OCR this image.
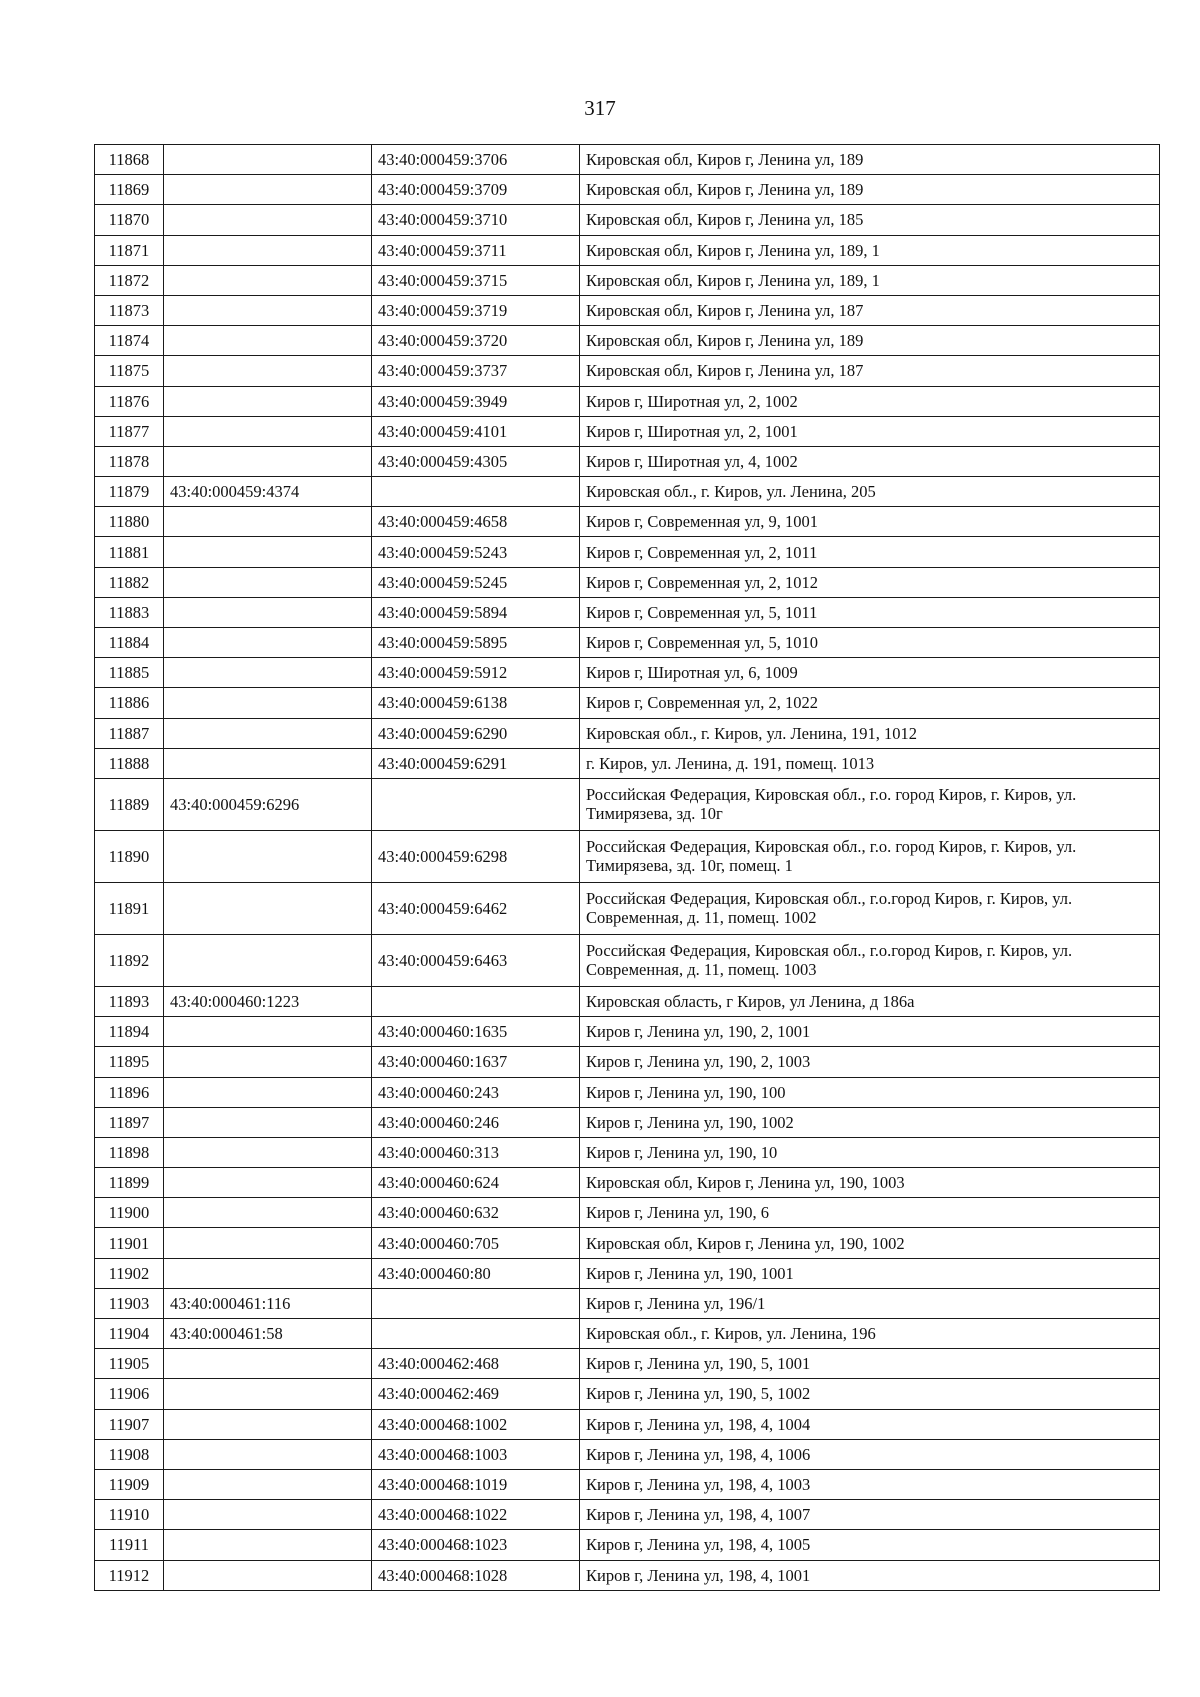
317
11868		43:40:000459:3706	Кировская обл, Киров г, Ленина ул, 189
11869		43:40:000459:3709	Кировская обл, Киров г, Ленина ул, 189
11870		43:40:000459:3710	Кировская обл, Киров г, Ленина ул, 185
11871		43:40:000459:3711	Кировская обл, Киров г, Ленина ул, 189, 1
11872		43:40:000459:3715	Кировская обл, Киров г, Ленина ул, 189, 1
11873		43:40:000459:3719	Кировская обл, Киров г, Ленина ул, 187
11874		43:40:000459:3720	Кировская обл, Киров г, Ленина ул, 189
11875		43:40:000459:3737	Кировская обл, Киров г, Ленина ул, 187
11876		43:40:000459:3949	Киров г, Широтная ул, 2, 1002
11877		43:40:000459:4101	Киров г, Широтная ул, 2, 1001
11878		43:40:000459:4305	Киров г, Широтная ул, 4, 1002
11879	43:40:000459:4374		Кировская обл., г. Киров, ул. Ленина, 205
11880		43:40:000459:4658	Киров г, Современная ул, 9, 1001
11881		43:40:000459:5243	Киров г, Современная ул, 2, 1011
11882		43:40:000459:5245	Киров г, Современная ул, 2, 1012
11883		43:40:000459:5894	Киров г, Современная ул, 5, 1011
11884		43:40:000459:5895	Киров г, Современная ул, 5, 1010
11885		43:40:000459:5912	Киров г, Широтная ул, 6, 1009
11886		43:40:000459:6138	Киров г, Современная ул, 2, 1022
11887		43:40:000459:6290	Кировская обл., г. Киров, ул. Ленина, 191, 1012
11888		43:40:000459:6291	г. Киров, ул. Ленина, д. 191, помещ. 1013
11889	43:40:000459:6296		Российская Федерация, Кировская обл., г.о. город Киров, г. Киров, ул. Тимирязева, зд. 10г
11890		43:40:000459:6298	Российская Федерация, Кировская обл., г.о. город Киров, г. Киров, ул. Тимирязева, зд. 10г, помещ. 1
11891		43:40:000459:6462	Российская Федерация, Кировская обл., г.о.город Киров, г. Киров, ул. Современная, д. 11, помещ. 1002
11892		43:40:000459:6463	Российская Федерация, Кировская обл., г.о.город Киров, г. Киров, ул. Современная, д. 11, помещ. 1003
11893	43:40:000460:1223		Кировская область, г Киров, ул Ленина, д 186а
11894		43:40:000460:1635	Киров г, Ленина ул, 190, 2, 1001
11895		43:40:000460:1637	Киров г, Ленина ул, 190, 2, 1003
11896		43:40:000460:243	Киров г, Ленина ул, 190, 100
11897		43:40:000460:246	Киров г, Ленина ул, 190, 1002
11898		43:40:000460:313	Киров г, Ленина ул, 190, 10
11899		43:40:000460:624	Кировская обл, Киров г, Ленина ул, 190, 1003
11900		43:40:000460:632	Киров г, Ленина ул, 190, 6
11901		43:40:000460:705	Кировская обл, Киров г, Ленина ул, 190, 1002
11902		43:40:000460:80	Киров г, Ленина ул, 190, 1001
11903	43:40:000461:116		Киров г, Ленина ул, 196/1
11904	43:40:000461:58		Кировская обл., г. Киров, ул. Ленина, 196
11905		43:40:000462:468	Киров г, Ленина ул, 190, 5, 1001
11906		43:40:000462:469	Киров г, Ленина ул, 190, 5, 1002
11907		43:40:000468:1002	Киров г, Ленина ул, 198, 4, 1004
11908		43:40:000468:1003	Киров г, Ленина ул, 198, 4, 1006
11909		43:40:000468:1019	Киров г, Ленина ул, 198, 4, 1003
11910		43:40:000468:1022	Киров г, Ленина ул, 198, 4, 1007
11911		43:40:000468:1023	Киров г, Ленина ул, 198, 4, 1005
11912		43:40:000468:1028	Киров г, Ленина ул, 198, 4, 1001
